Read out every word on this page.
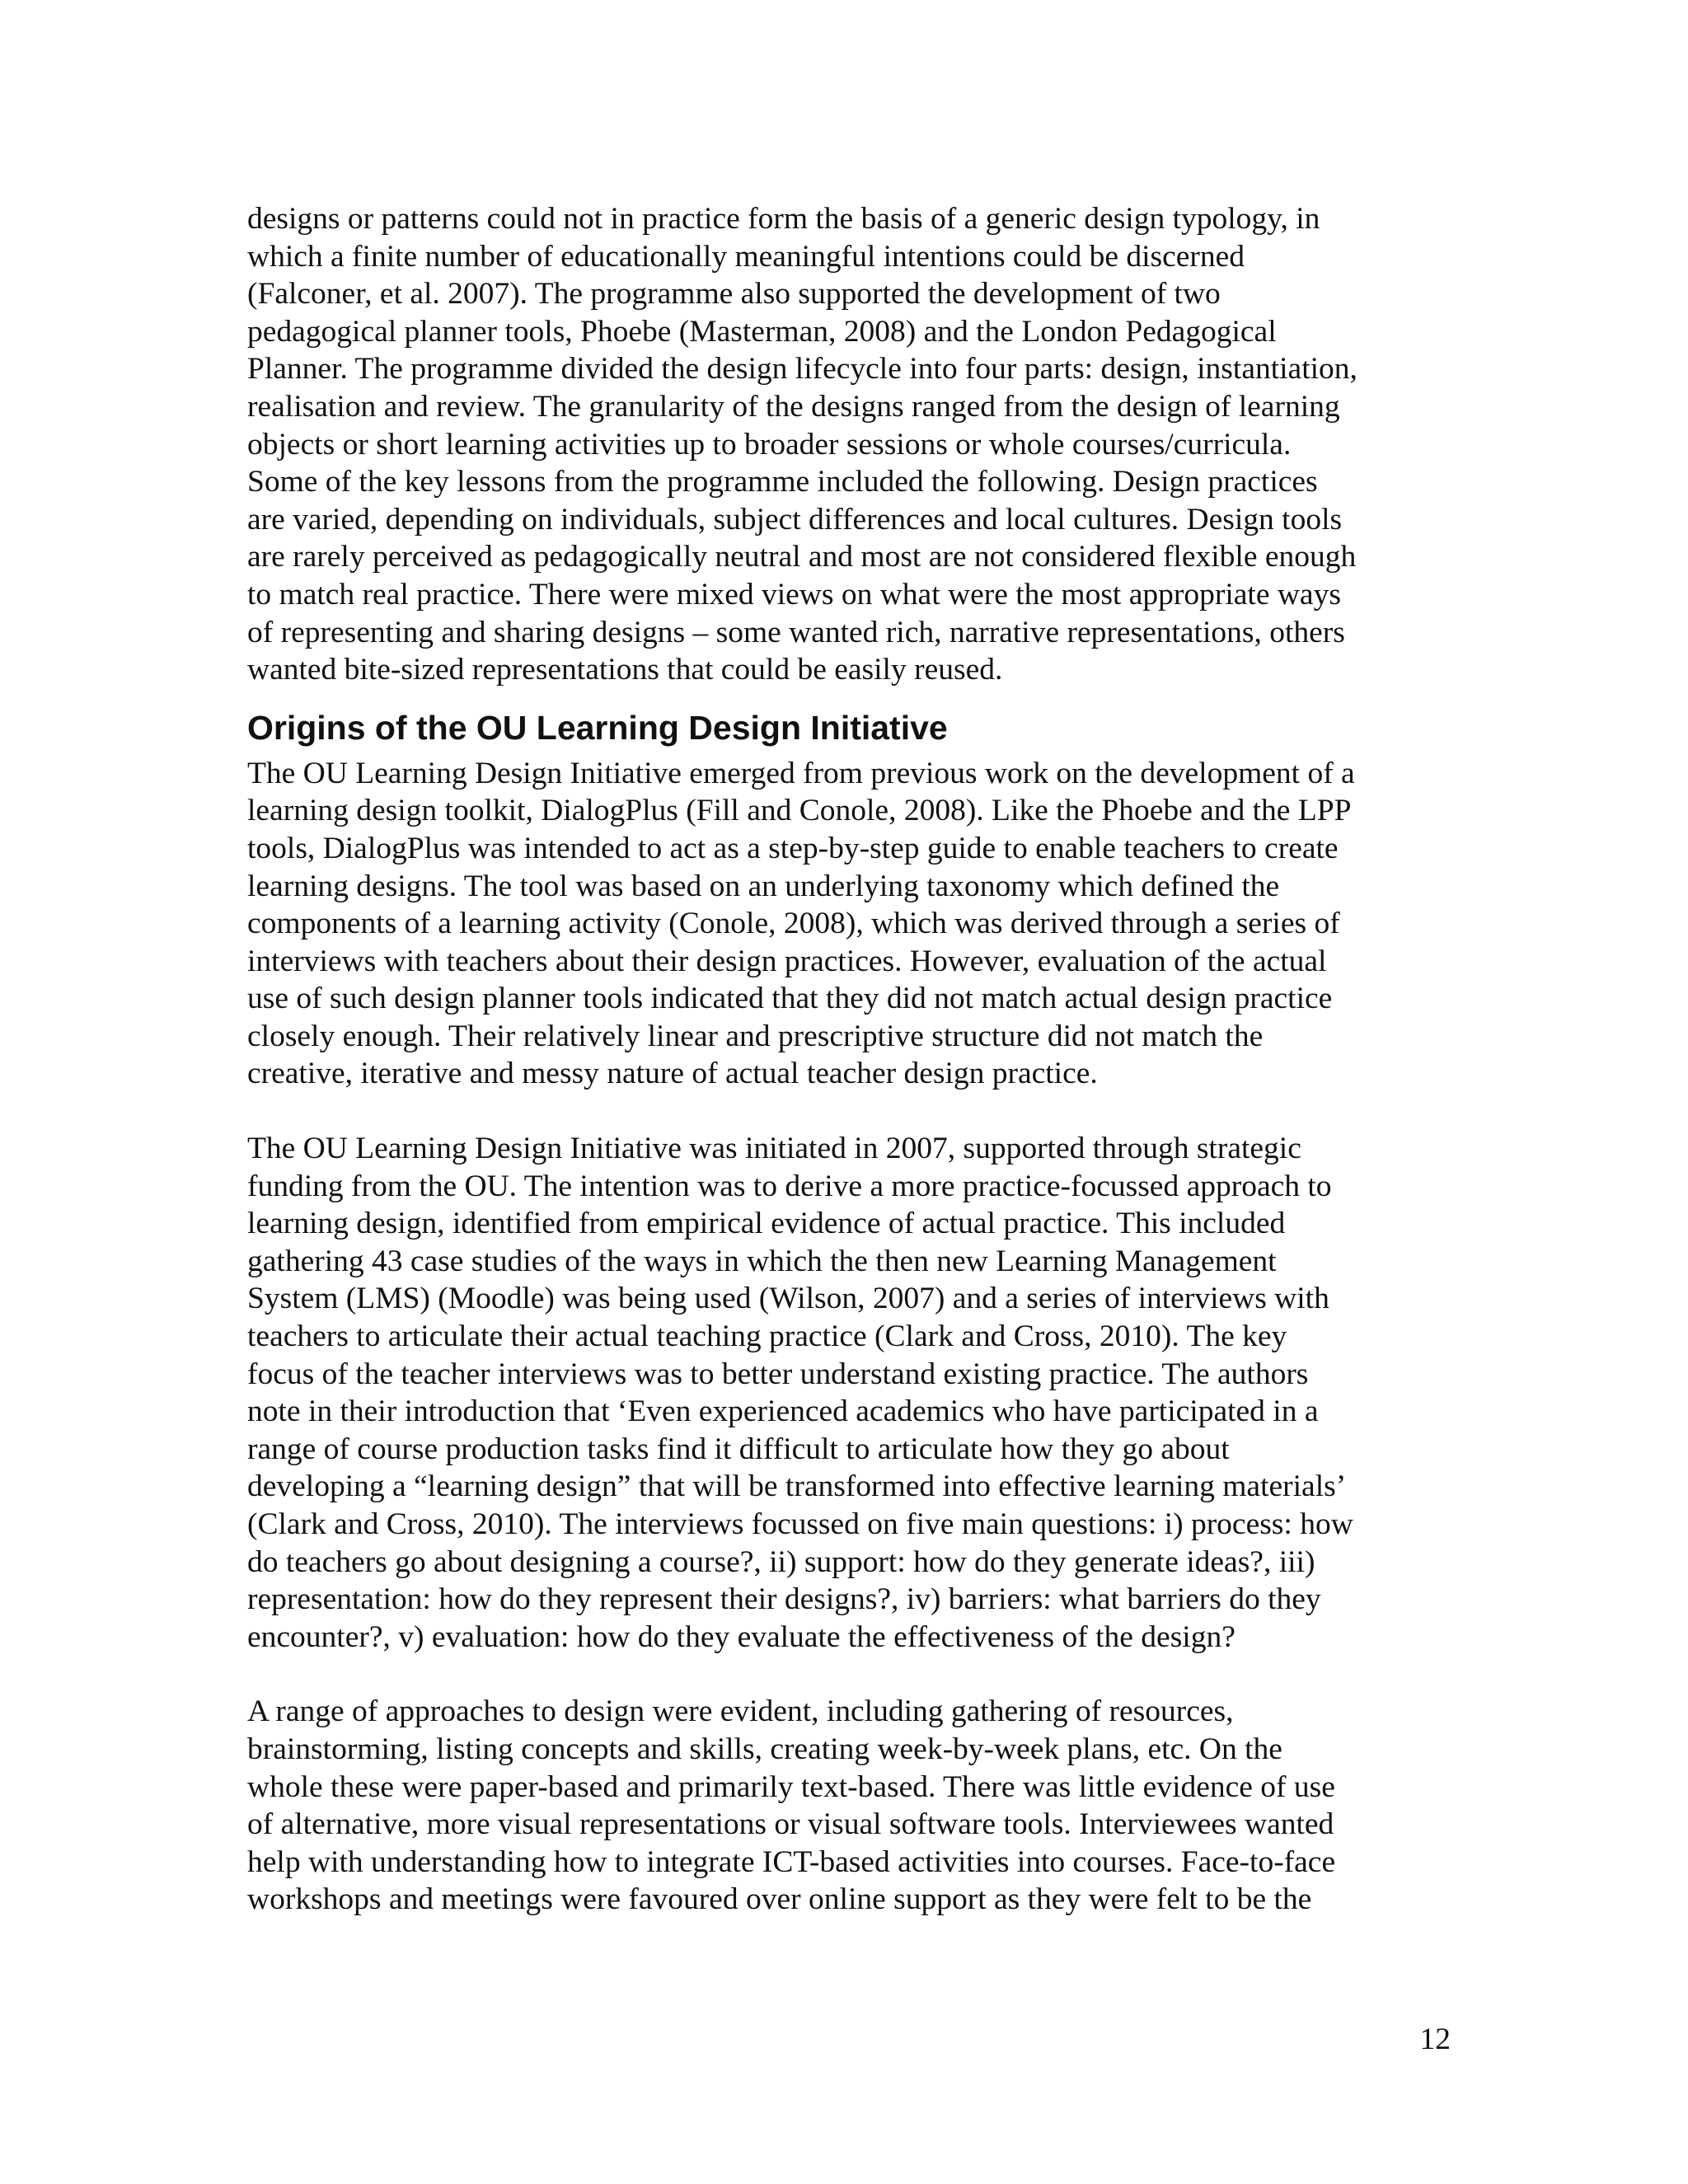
designs or patterns could not in practice form the basis of a generic design typology, in
which a finite number of educationally meaningful intentions could be discerned
(Falconer, et al. 2007). The programme also supported the development of two
pedagogical planner tools, Phoebe (Masterman, 2008) and the London Pedagogical
Planner. The programme divided the design lifecycle into four parts: design, instantiation,
realisation and review. The granularity of the designs ranged from the design of learning
objects or short learning activities up to broader sessions or whole courses/curricula.
Some of the key lessons from the programme included the following. Design practices
are varied, depending on individuals, subject differences and local cultures. Design tools
are rarely perceived as pedagogically neutral and most are not considered flexible enough
to match real practice. There were mixed views on what were the most appropriate ways
of representing and sharing designs – some wanted rich, narrative representations, others
wanted bite-sized representations that could be easily reused.

Origins of the OU Learning Design Initiative

The OU Learning Design Initiative emerged from previous work on the development of a
learning design toolkit, DialogPlus (Fill and Conole, 2008). Like the Phoebe and the LPP
tools, DialogPlus was intended to act as a step-by-step guide to enable teachers to create
learning designs. The tool was based on an underlying taxonomy which defined the
components of a learning activity (Conole, 2008), which was derived through a series of
interviews with teachers about their design practices. However, evaluation of the actual
use of such design planner tools indicated that they did not match actual design practice
closely enough. Their relatively linear and prescriptive structure did not match the
creative, iterative and messy nature of actual teacher design practice.

The OU Learning Design Initiative was initiated in 2007, supported through strategic
funding from the OU. The intention was to derive a more practice-focussed approach to
learning design, identified from empirical evidence of actual practice. This included
gathering 43 case studies of the ways in which the then new Learning Management
System (LMS) (Moodle) was being used (Wilson, 2007) and a series of interviews with
teachers to articulate their actual teaching practice (Clark and Cross, 2010). The key
focus of the teacher interviews was to better understand existing practice. The authors
note in their introduction that ‘Even experienced academics who have participated in a
range of course production tasks find it difficult to articulate how they go about
developing a “learning design” that will be transformed into effective learning materials’
(Clark and Cross, 2010). The interviews focussed on five main questions: i) process: how
do teachers go about designing a course?, ii) support: how do they generate ideas?, iii)
representation: how do they represent their designs?, iv) barriers: what barriers do they
encounter?, v) evaluation: how do they evaluate the effectiveness of the design?

A range of approaches to design were evident, including gathering of resources,
brainstorming, listing concepts and skills, creating week-by-week plans, etc. On the
whole these were paper-based and primarily text-based. There was little evidence of use
of alternative, more visual representations or visual software tools. Interviewees wanted
help with understanding how to integrate ICT-based activities into courses. Face-to-face
workshops and meetings were favoured over online support as they were felt to be the

12
